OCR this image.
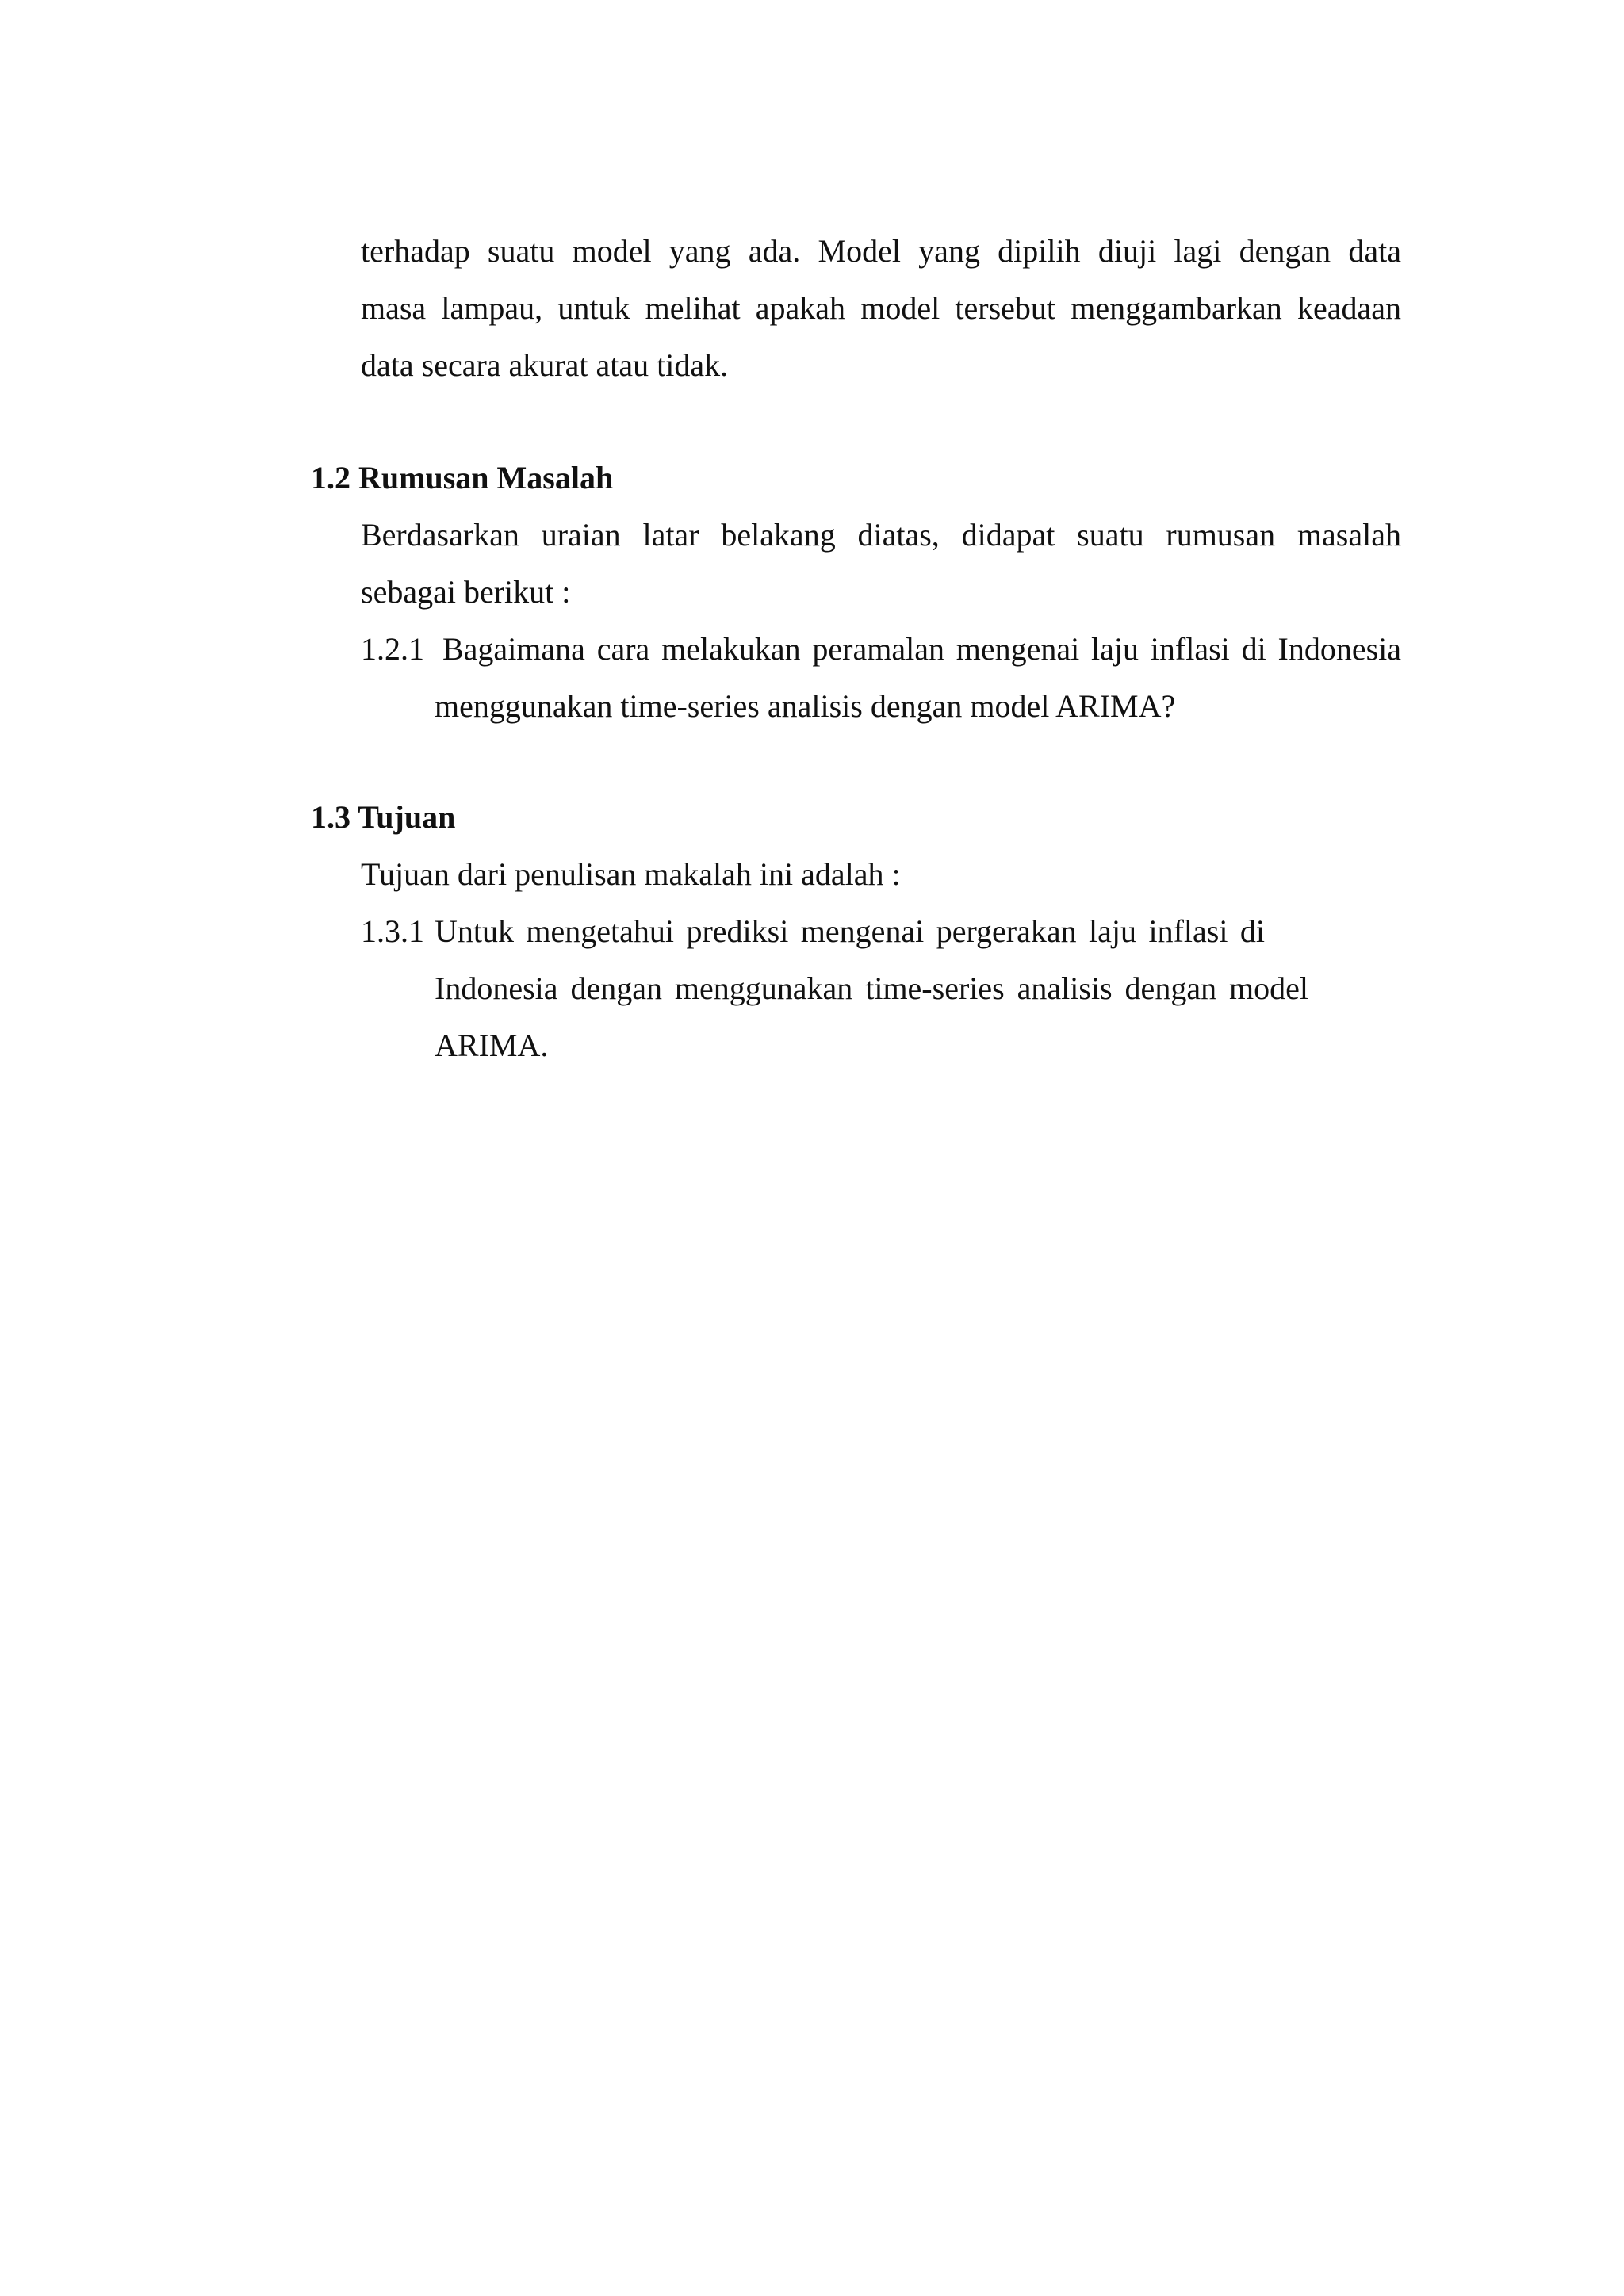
terhadap suatu model yang ada. Model yang dipilih diuji lagi dengan data
masa lampau, untuk melihat apakah model tersebut menggambarkan keadaan
data secara akurat atau tidak.
1.2 Rumusan Masalah
Berdasarkan uraian latar belakang diatas, didapat suatu rumusan masalah
sebagai berikut :
1.2.1 Bagaimana cara melakukan peramalan mengenai laju inflasi di Indonesia
menggunakan time-series analisis dengan model ARIMA?
1.3 Tujuan
Tujuan dari penulisan makalah ini adalah :
1.3.1 Untuk mengetahui prediksi mengenai pergerakan laju inflasi di
Indonesia dengan menggunakan time-series analisis dengan model
ARIMA.
